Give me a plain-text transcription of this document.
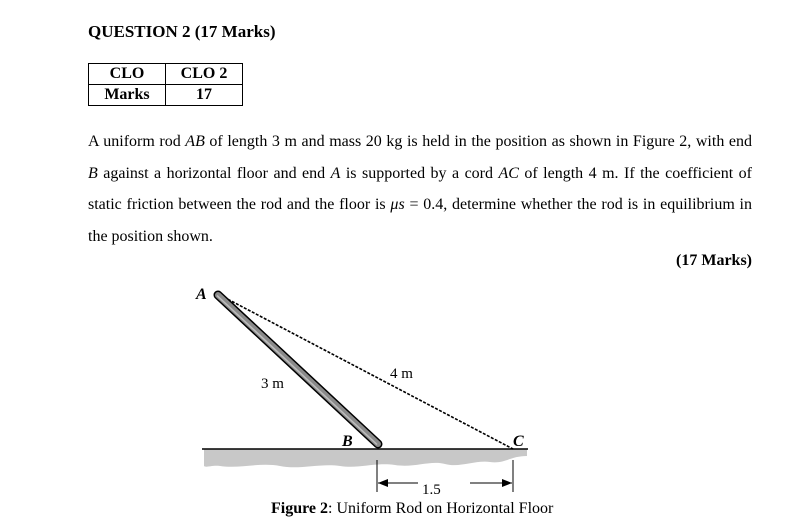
QUESTION 2 (17 Marks)
CLO	CLO 2
Marks	17
A uniform rod AB of length 3 m and mass 20 kg is held in the position as shown in Figure 2, with end B against a horizontal floor and end A is supported by a cord AC of length 4 m. If the coefficient of static friction between the rod and the floor is μs = 0.4, determine whether the rod is in equilibrium in the position shown.
(17 Marks)
A
B	C
3 m
4 m
1.5
Figure 2: Uniform Rod on Horizontal Floor
